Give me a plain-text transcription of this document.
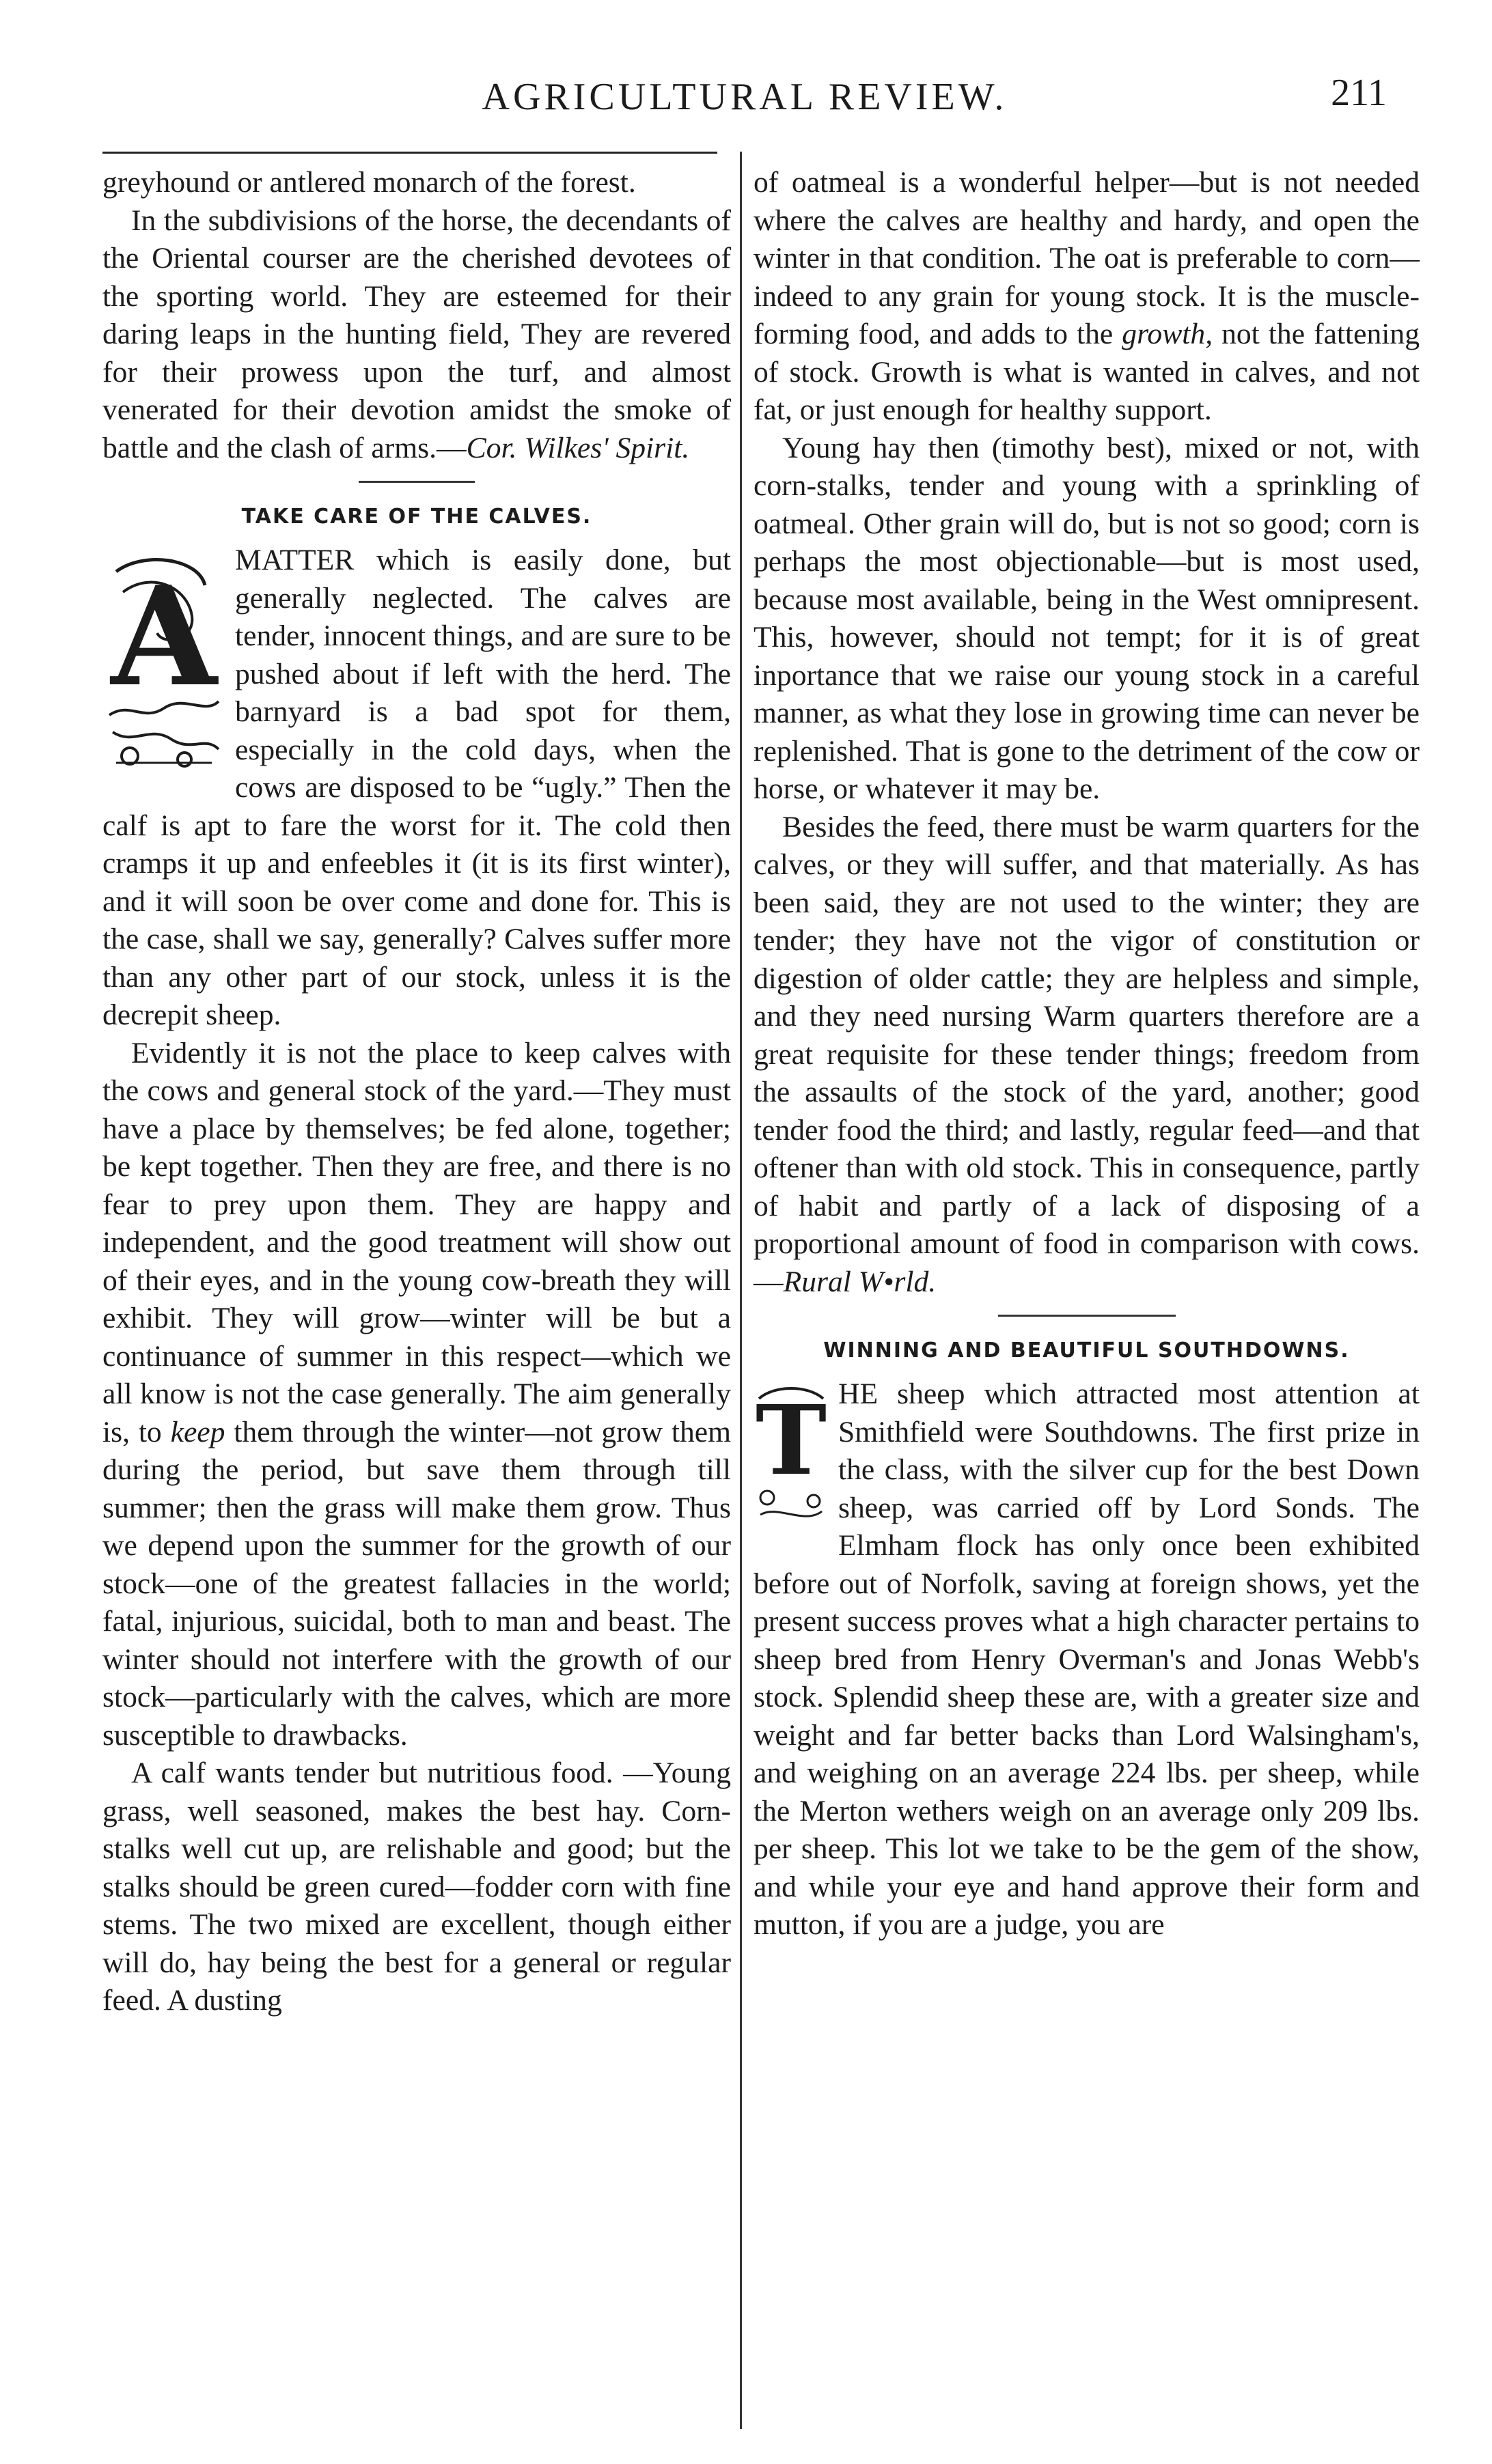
AGRICULTURAL REVIEW.	211

greyhound or antlered monarch of the forest.

In the subdivisions of the horse, the decendants of the Oriental courser are the cherished devotees of the sporting world. They are esteemed for their daring leaps in the hunting field, They are revered for their prowess upon the turf, and almost venerated for their devotion amidst the smoke of battle and the clash of arms.—Cor. Wilkes' Spirit.

TAKE CARE OF THE CALVES.

A MATTER which is easily done, but generally neglected. The calves are tender, innocent things, and are sure to be pushed about if left with the herd. The barnyard is a bad spot for them, especially in the cold days, when the cows are disposed to be “ugly.” Then the calf is apt to fare the worst for it. The cold then cramps it up and enfeebles it (it is its first winter), and it will soon be over come and done for. This is the case, shall we say, generally? Calves suffer more than any other part of our stock, unless it is the decrepit sheep.

Evidently it is not the place to keep calves with the cows and general stock of the yard.—They must have a place by themselves; be fed alone, together; be kept together. Then they are free, and there is no fear to prey upon them. They are happy and independent, and the good treatment will show out of their eyes, and in the young cow-breath they will exhibit. They will grow—winter will be but a continuance of summer in this respect—which we all know is not the case generally. The aim generally is, to keep them through the winter—not grow them during the period, but save them through till summer; then the grass will make them grow. Thus we depend upon the summer for the growth of our stock—one of the greatest fallacies in the world; fatal, injurious, suicidal, both to man and beast. The winter should not interfere with the growth of our stock—particularly with the calves, which are more susceptible to drawbacks.

A calf wants tender but nutritious food. —Young grass, well seasoned, makes the best hay. Corn-stalks well cut up, are relishable and good; but the stalks should be green cured—fodder corn with fine stems. The two mixed are excellent, though either will do, hay being the best for a general or regular feed. A dusting

of oatmeal is a wonderful helper—but is not needed where the calves are healthy and hardy, and open the winter in that condition. The oat is preferable to corn—indeed to any grain for young stock. It is the muscle-forming food, and adds to the growth, not the fattening of stock. Growth is what is wanted in calves, and not fat, or just enough for healthy support.

Young hay then (timothy best), mixed or not, with corn-stalks, tender and young with a sprinkling of oatmeal. Other grain will do, but is not so good; corn is perhaps the most objectionable—but is most used, because most available, being in the West omnipresent. This, however, should not tempt; for it is of great inportance that we raise our young stock in a careful manner, as what they lose in growing time can never be replenished. That is gone to the detriment of the cow or horse, or whatever it may be.

Besides the feed, there must be warm quarters for the calves, or they will suffer, and that materially. As has been said, they are not used to the winter; they are tender; they have not the vigor of constitution or digestion of older cattle; they are helpless and simple, and they need nursing Warm quarters therefore are a great requisite for these tender things; freedom from the assaults of the stock of the yard, another; good tender food the third; and lastly, regular feed—and that oftener than with old stock. This in consequence, partly of habit and partly of a lack of disposing of a proportional amount of food in comparison with cows.—Rural W•rld.

WINNING AND BEAUTIFUL SOUTHDOWNS.

T HE sheep which attracted most attention at Smithfield were Southdowns. The first prize in the class, with the silver cup for the best Down sheep, was carried off by Lord Sonds. The Elmham flock has only once been exhibited before out of Norfolk, saving at foreign shows, yet the present success proves what a high character pertains to sheep bred from Henry Overman's and Jonas Webb's stock. Splendid sheep these are, with a greater size and weight and far better backs than Lord Walsingham's, and weighing on an average 224 lbs. per sheep, while the Merton wethers weigh on an average only 209 lbs. per sheep. This lot we take to be the gem of the show, and while your eye and hand approve their form and mutton, if you are a judge, you are
